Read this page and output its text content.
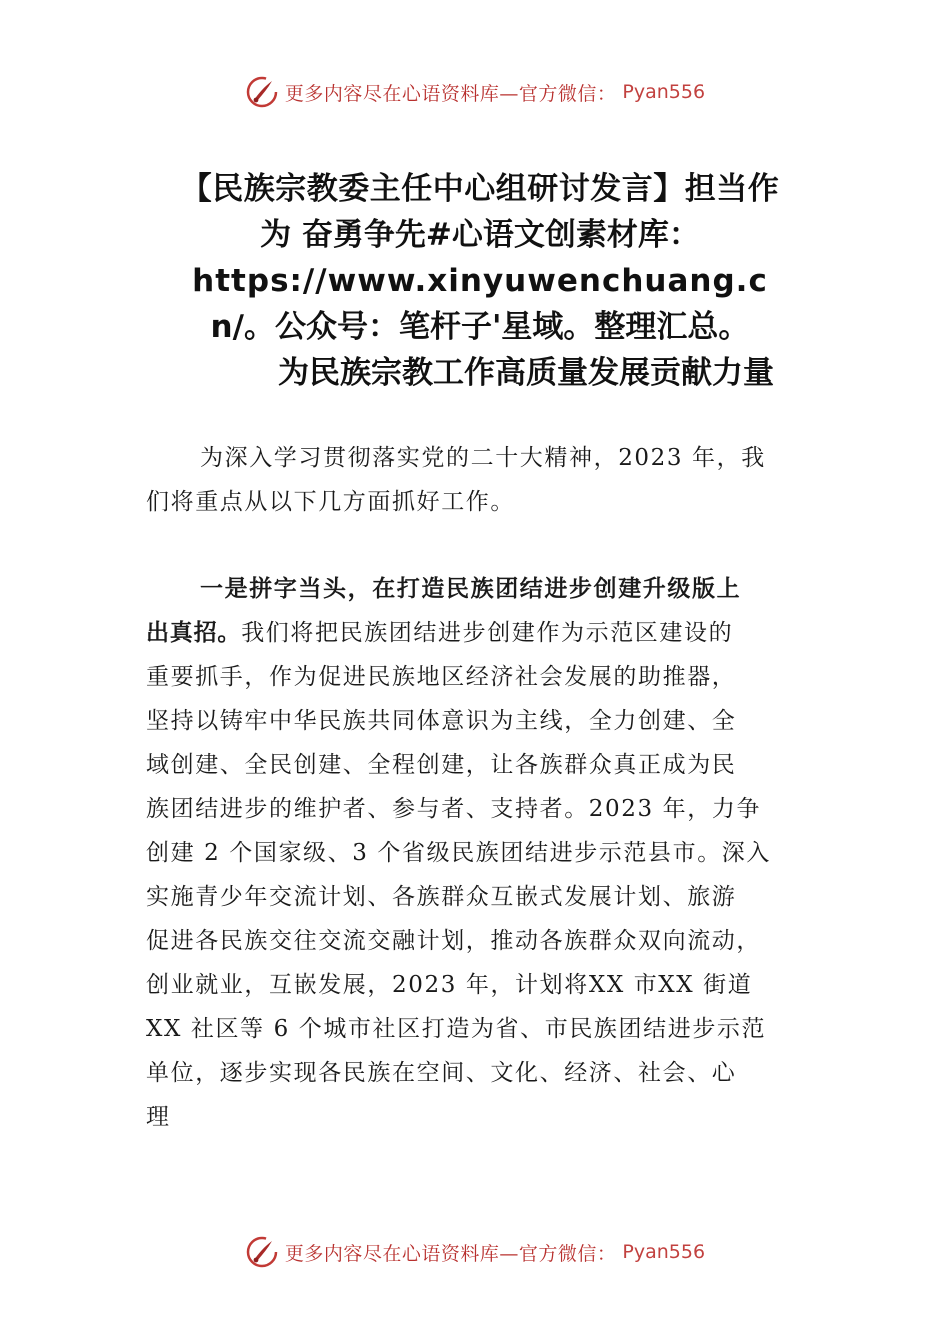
更多内容尽在心语资料库—官方微信： Pyan556
【民族宗教委主任中心组研讨发言】担当作
为 奋勇争先#心语文创素材库：
https://www.xinyuwenchuang.c
n/。公众号：笔杆子'星域。整理汇总。
为民族宗教工作高质量发展贡献力量
为深入学习贯彻落实党的二十大精神，2023 年，我
们将重点从以下几方面抓好工作。
一是拼字当头，在打造民族团结进步创建升级版上
出真招。我们将把民族团结进步创建作为示范区建设的
重要抓手，作为促进民族地区经济社会发展的助推器，
坚持以铸牢中华民族共同体意识为主线，全力创建、全
域创建、全民创建、全程创建，让各族群众真正成为民
族团结进步的维护者、参与者、支持者。2023 年，力争
创建 2 个国家级、3 个省级民族团结进步示范县市。深入
实施青少年交流计划、各族群众互嵌式发展计划、旅游
促进各民族交往交流交融计划，推动各族群众双向流动，
创业就业，互嵌发展，2023 年，计划将XX 市XX 街道
XX 社区等 6 个城市社区打造为省、市民族团结进步示范
单位，逐步实现各民族在空间、文化、经济、社会、心
理
更多内容尽在心语资料库—官方微信： Pyan556
